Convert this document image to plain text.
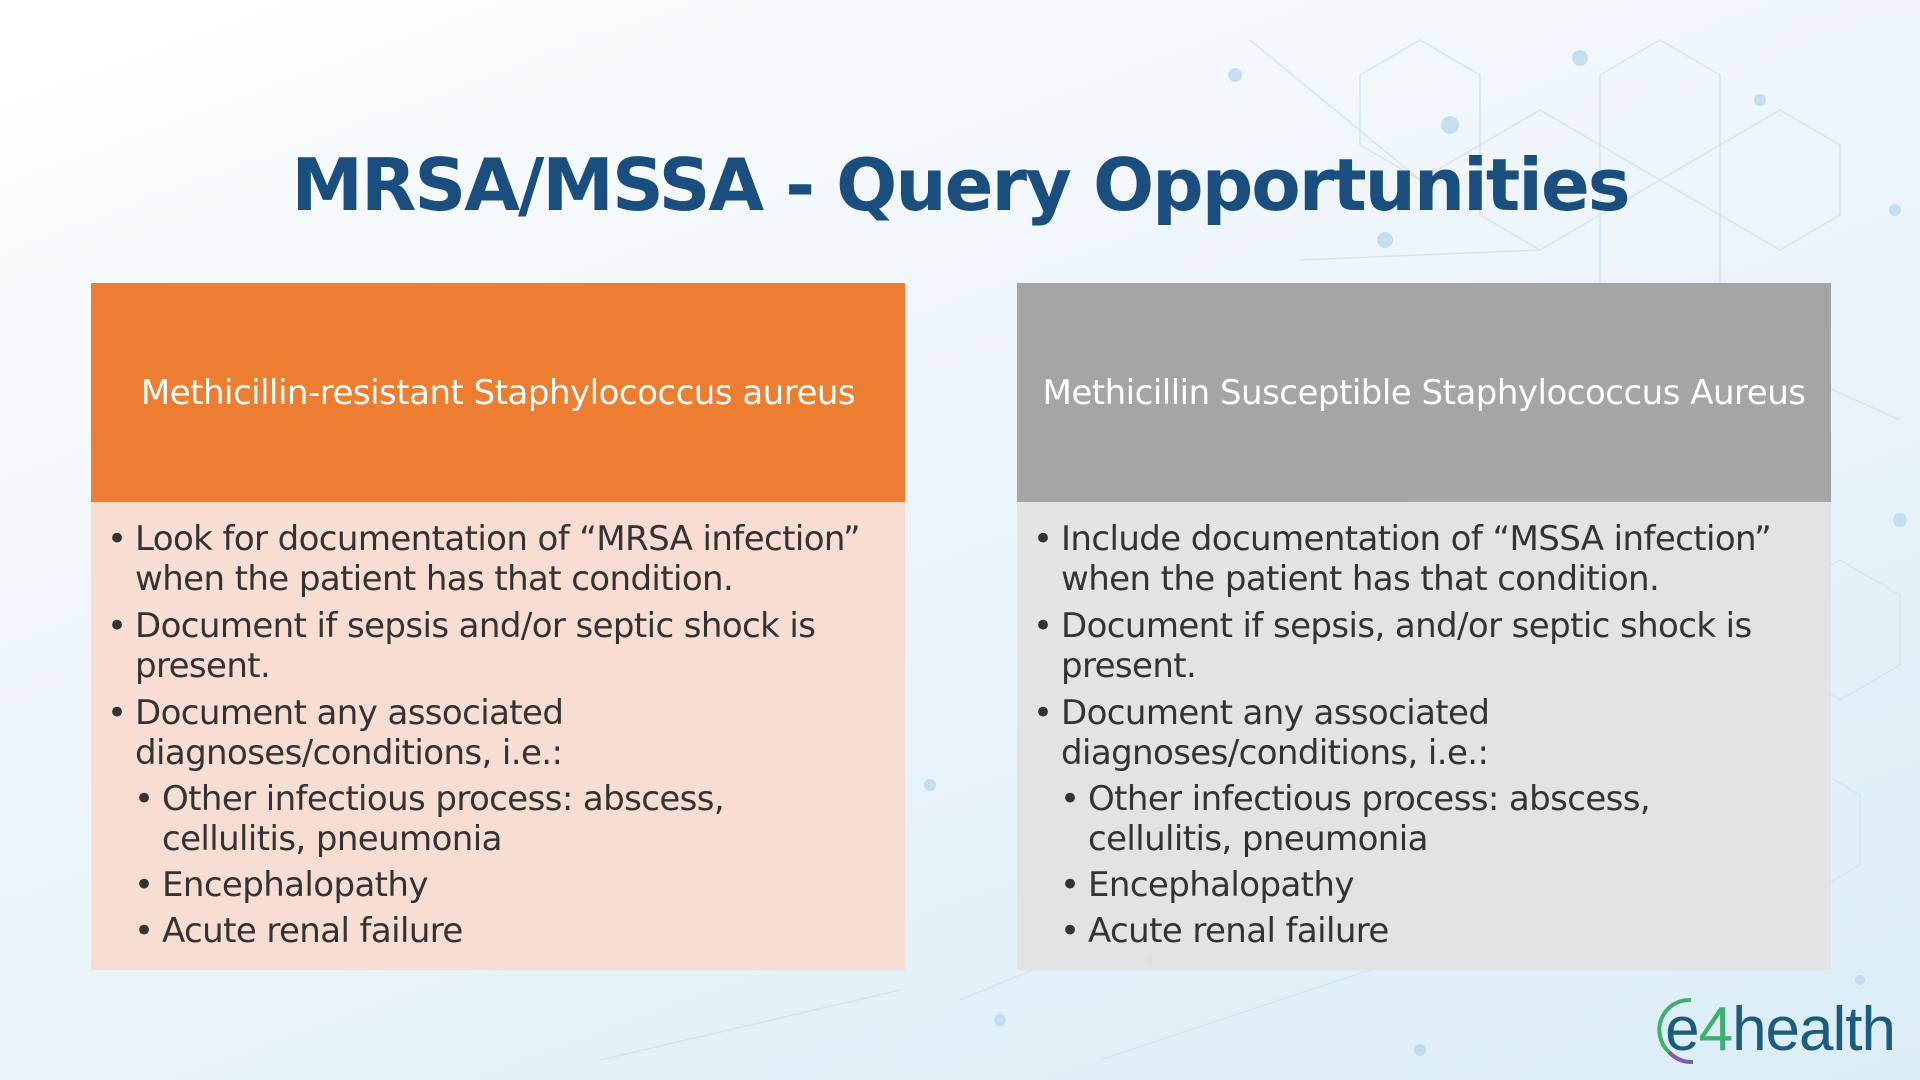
MRSA/MSSA - Query Opportunities
Methicillin-resistant Staphylococcus aureus
• Look for documentation of “MRSA infection” when the patient has that condition.
• Document if sepsis and/or septic shock is present.
• Document any associated diagnoses/conditions, i.e.:
• Other infectious process: abscess, cellulitis, pneumonia
• Encephalopathy
• Acute renal failure
Methicillin Susceptible Staphylococcus Aureus
• Include documentation of “MSSA infection” when the patient has that condition.
• Document if sepsis, and/or septic shock is present.
• Document any associated diagnoses/conditions, i.e.:
• Other infectious process: abscess, cellulitis, pneumonia
• Encephalopathy
• Acute renal failure
e 4 health
